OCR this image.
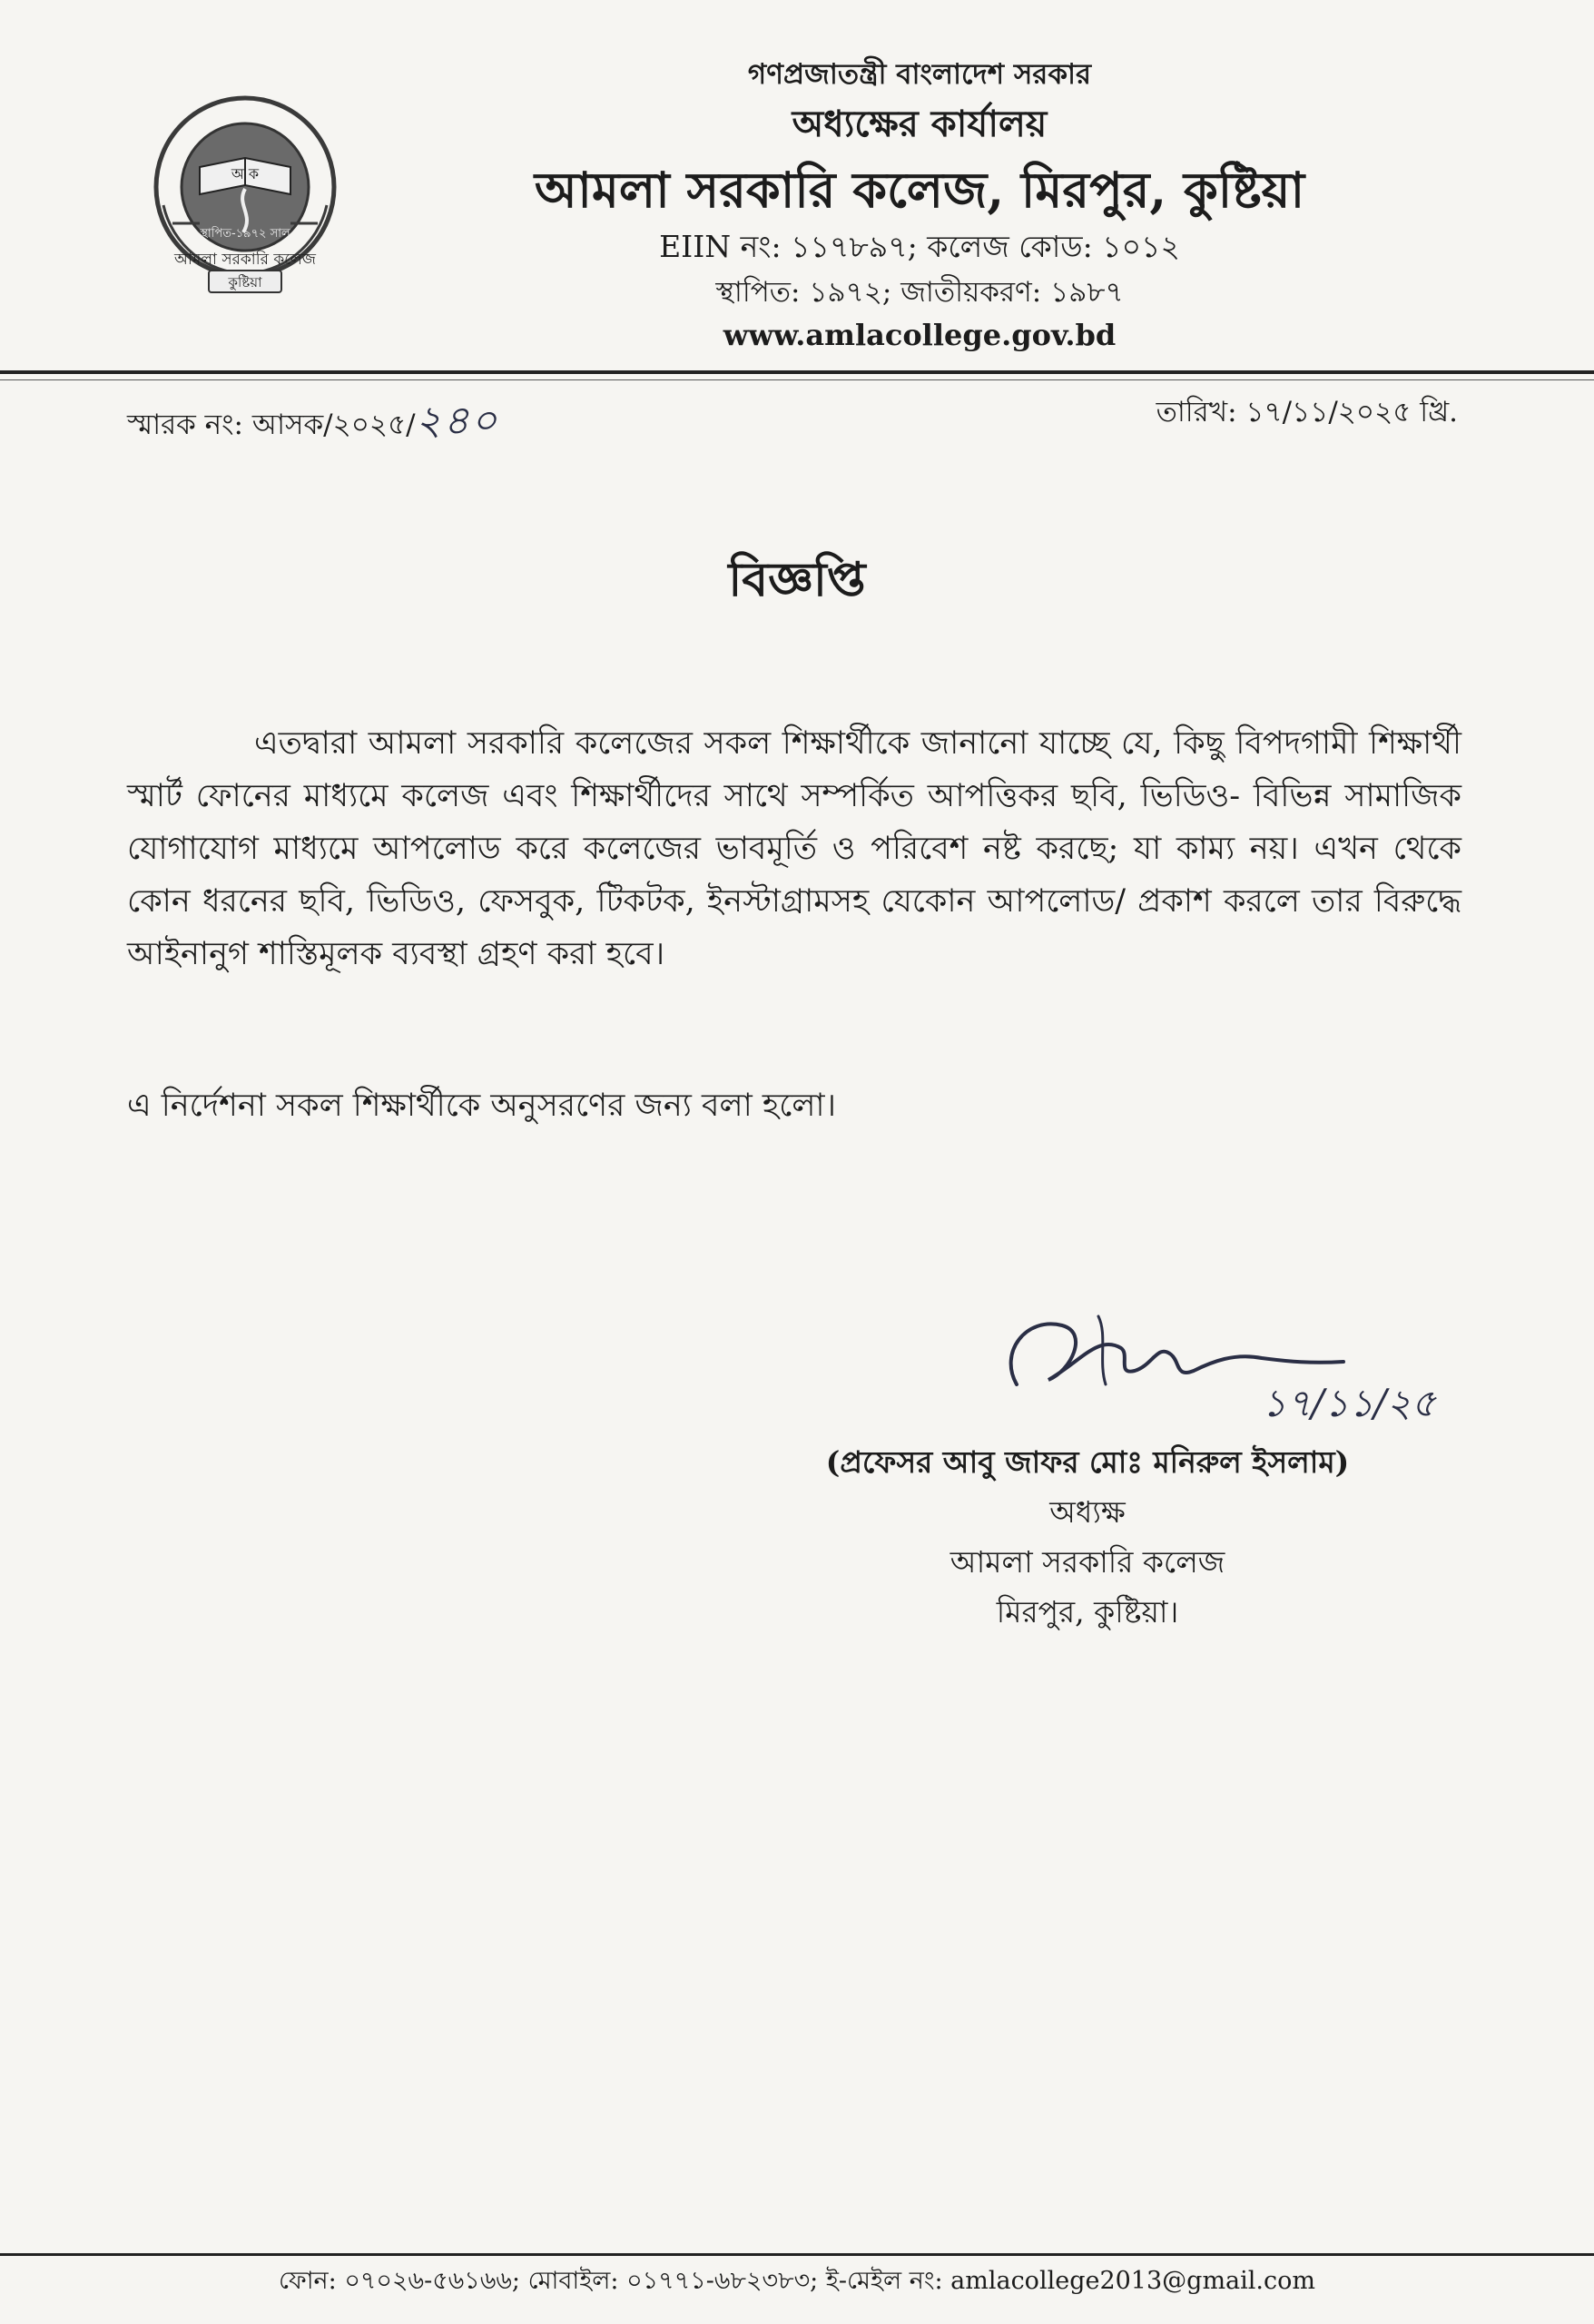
অ ক
স্থাপিত-১৯৭২ সাল
আমলা সরকারি কলেজ
কুষ্টিয়া
গণপ্রজাতন্ত্রী বাংলাদেশ সরকার
অধ্যক্ষের কার্যালয়
আমলা সরকারি কলেজ, মিরপুর, কুষ্টিয়া
EIIN নং: ১১৭৮৯৭; কলেজ কোড: ১০১২
স্থাপিত: ১৯৭২; জাতীয়করণ: ১৯৮৭
www.amlacollege.gov.bd
স্মারক নং: আসক/২০২৫/২৪০	তারিখ: ১৭/১১/২০২৫ খ্রি.
বিজ্ঞপ্তি
এতদ্বারা আমলা সরকারি কলেজের সকল শিক্ষার্থীকে জানানো যাচ্ছে যে, কিছু বিপদগামী শিক্ষার্থী স্মার্ট ফোনের মাধ্যমে কলেজ এবং শিক্ষার্থীদের সাথে সম্পর্কিত আপত্তিকর ছবি, ভিডিও- বিভিন্ন সামাজিক যোগাযোগ মাধ্যমে আপলোড করে কলেজের ভাবমূর্তি ও পরিবেশ নষ্ট করছে; যা কাম্য নয়। এখন থেকে কোন ধরনের ছবি, ভিডিও, ফেসবুক, টিকটক, ইনস্টাগ্রামসহ যেকোন আপলোড/ প্রকাশ করলে তার বিরুদ্ধে আইনানুগ শাস্তিমূলক ব্যবস্থা গ্রহণ করা হবে।
এ নির্দেশনা সকল শিক্ষার্থীকে অনুসরণের জন্য বলা হলো।
১৭/১১/২৫
(প্রফেসর আবু জাফর মোঃ মনিরুল ইসলাম)
অধ্যক্ষ
আমলা সরকারি কলেজ
মিরপুর, কুষ্টিয়া।
ফোন: ০৭০২৬-৫৬১৬৬; মোবাইল: ০১৭৭১-৬৮২৩৮৩; ই-মেইল নং: amlacollege2013@gmail.com
